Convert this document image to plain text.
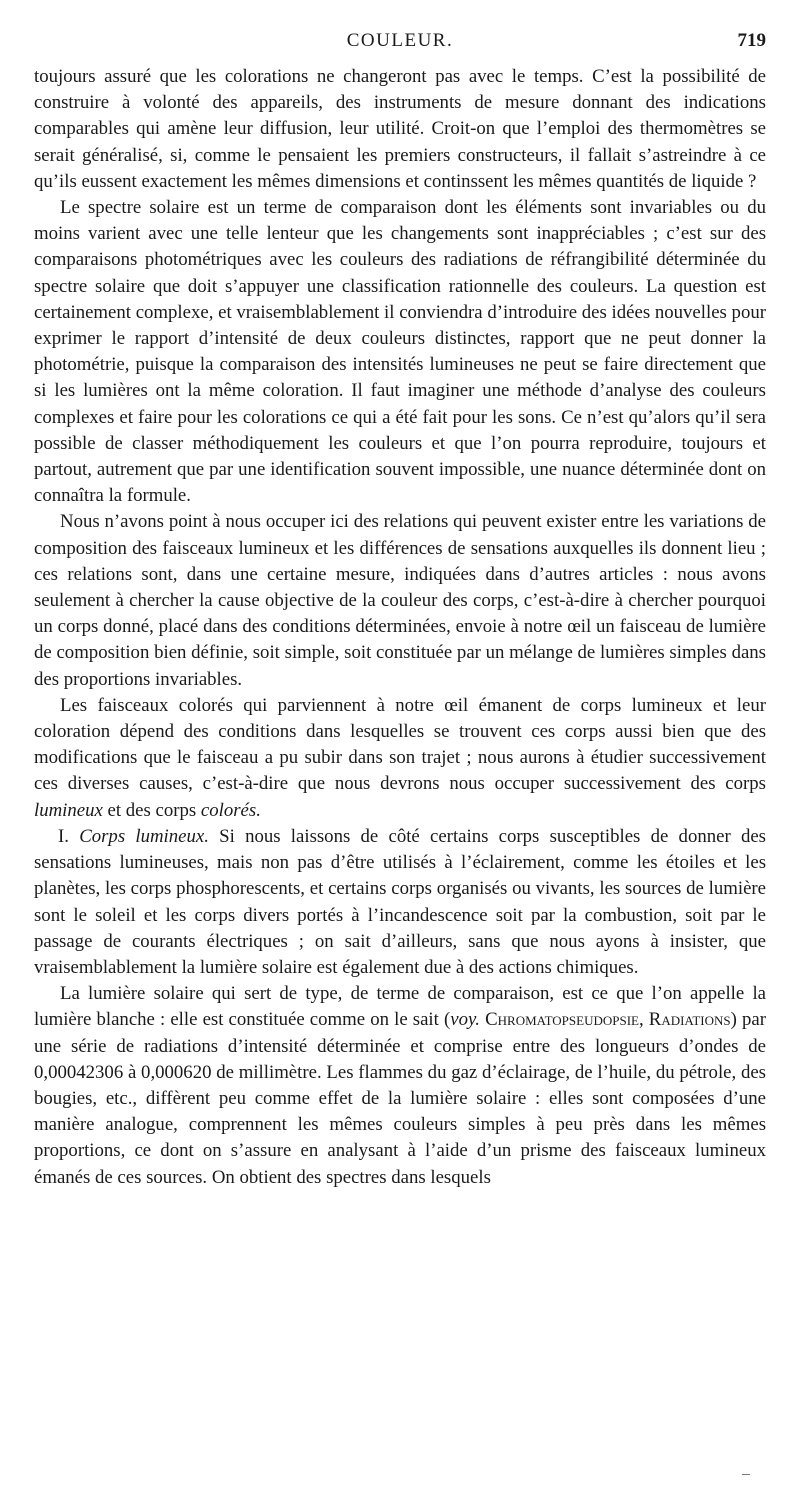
COULEUR.	719

toujours assuré que les colorations ne changeront pas avec le temps. C’est la possibilité de construire à volonté des appareils, des instruments de mesure donnant des indications comparables qui amène leur diffusion, leur utilité. Croit-on que l’emploi des thermomètres se serait généralisé, si, comme le pensaient les premiers constructeurs, il fallait s’astreindre à ce qu’ils eussent exactement les mêmes dimensions et continssent les mêmes quantités de liquide ?

Le spectre solaire est un terme de comparaison dont les éléments sont invariables ou du moins varient avec une telle lenteur que les changements sont inappréciables ; c’est sur des comparaisons photométriques avec les couleurs des radiations de réfrangibilité déterminée du spectre solaire que doit s’appuyer une classification rationnelle des couleurs. La question est certainement complexe, et vraisemblablement il conviendra d’introduire des idées nouvelles pour exprimer le rapport d’intensité de deux couleurs distinctes, rapport que ne peut donner la photométrie, puisque la comparaison des intensités lumineuses ne peut se faire directement que si les lumières ont la même coloration. Il faut imaginer une méthode d’analyse des couleurs complexes et faire pour les colorations ce qui a été fait pour les sons. Ce n’est qu’alors qu’il sera possible de classer méthodiquement les couleurs et que l’on pourra reproduire, toujours et partout, autrement que par une identification souvent impossible, une nuance déterminée dont on connaîtra la formule.

Nous n’avons point à nous occuper ici des relations qui peuvent exister entre les variations de composition des faisceaux lumineux et les différences de sensations auxquelles ils donnent lieu ; ces relations sont, dans une certaine mesure, indiquées dans d’autres articles : nous avons seulement à chercher la cause objective de la couleur des corps, c’est-à-dire à chercher pourquoi un corps donné, placé dans des conditions déterminées, envoie à notre œil un faisceau de lumière de composition bien définie, soit simple, soit constituée par un mélange de lumières simples dans des proportions invariables.

Les faisceaux colorés qui parviennent à notre œil émanent de corps lumineux et leur coloration dépend des conditions dans lesquelles se trouvent ces corps aussi bien que des modifications que le faisceau a pu subir dans son trajet ; nous aurons à étudier successivement ces diverses causes, c’est-à-dire que nous devrons nous occuper successivement des corps lumineux et des corps colorés.

I. Corps lumineux. Si nous laissons de côté certains corps susceptibles de donner des sensations lumineuses, mais non pas d’être utilisés à l’éclairement, comme les étoiles et les planètes, les corps phosphorescents, et certains corps organisés ou vivants, les sources de lumière sont le soleil et les corps divers portés à l’incandescence soit par la combustion, soit par le passage de courants électriques ; on sait d’ailleurs, sans que nous ayons à insister, que vraisemblablement la lumière solaire est également due à des actions chimiques.

La lumière solaire qui sert de type, de terme de comparaison, est ce que l’on appelle la lumière blanche : elle est constituée comme on le sait (voy. Chromatopseudopsie, Radiations) par une série de radiations d’intensité déterminée et comprise entre des longueurs d’ondes de 0,00042306 à 0,000620 de millimètre. Les flammes du gaz d’éclairage, de l’huile, du pétrole, des bougies, etc., diffèrent peu comme effet de la lumière solaire : elles sont composées d’une manière analogue, comprennent les mêmes couleurs simples à peu près dans les mêmes proportions, ce dont on s’assure en analysant à l’aide d’un prisme des faisceaux lumineux émanés de ces sources. On obtient des spectres dans lesquels
